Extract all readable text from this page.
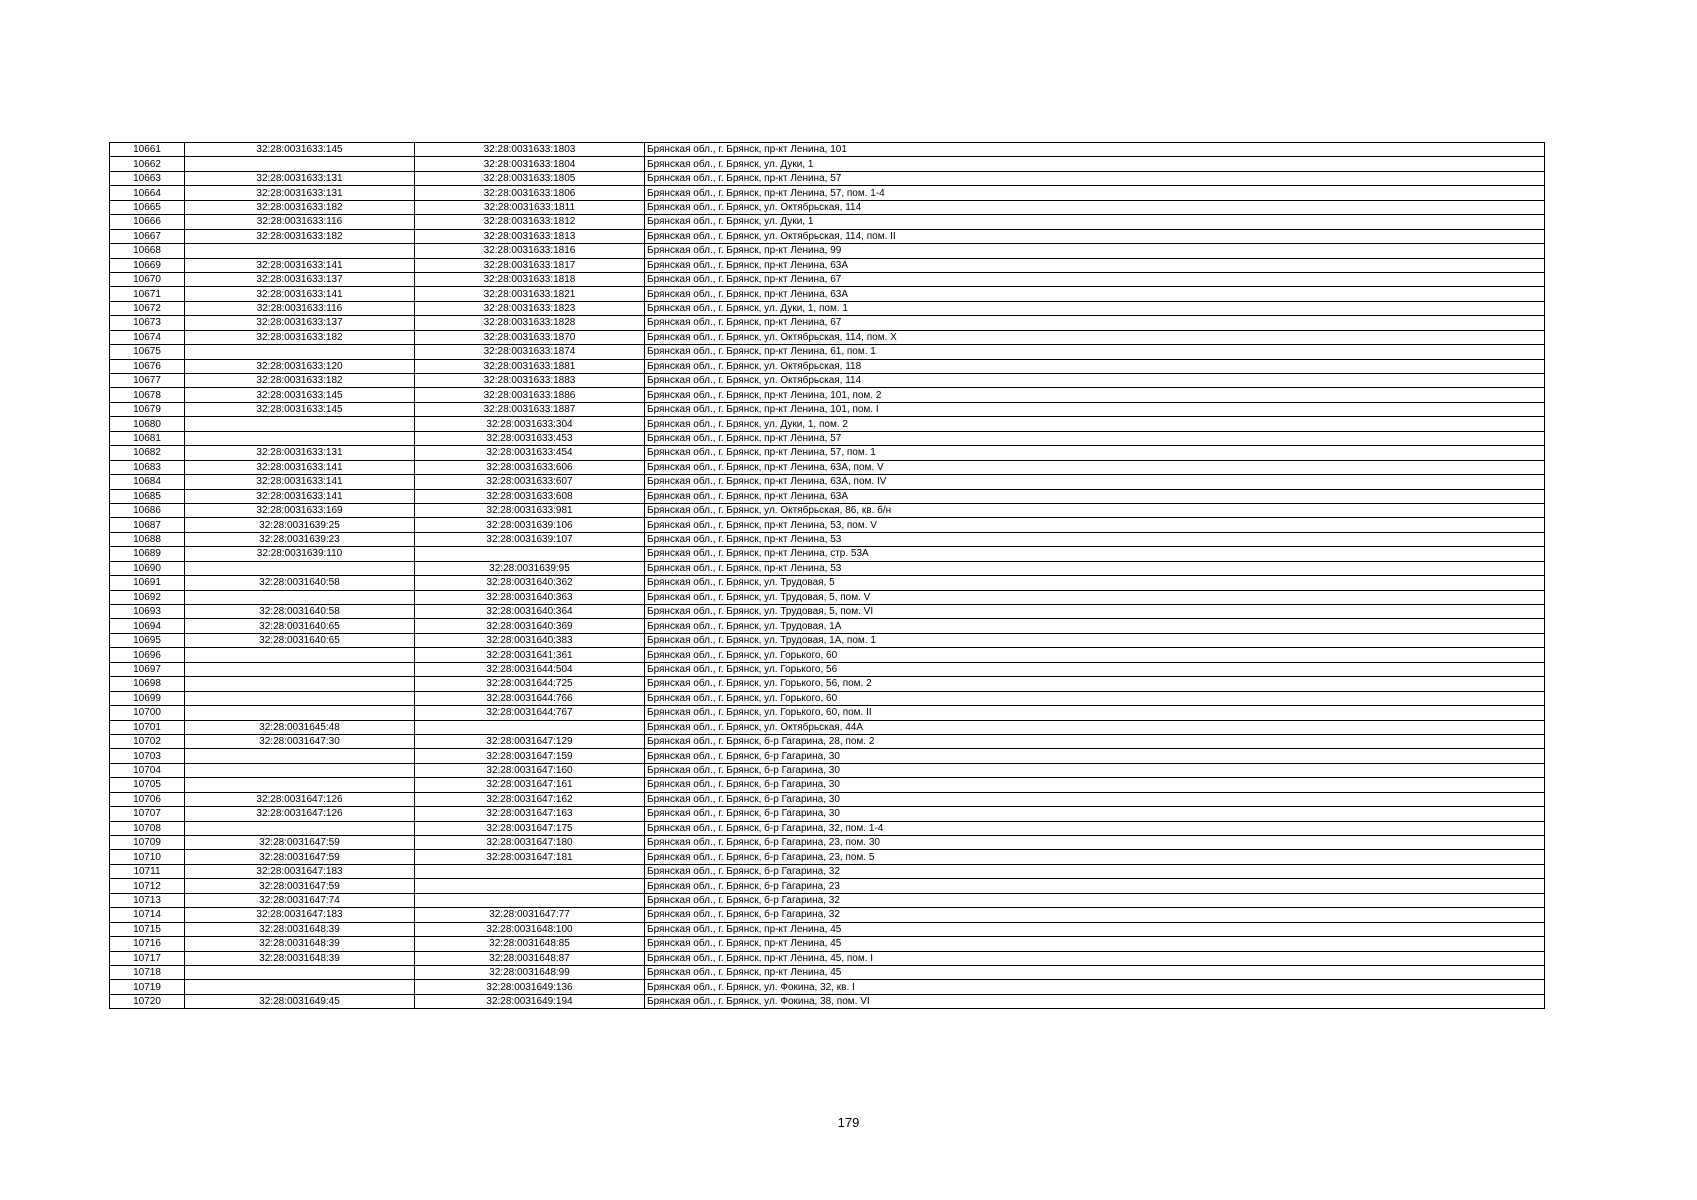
10661	32:28:0031633:145	32:28:0031633:1803	Брянская обл., г. Брянск, пр-кт Ленина, 101
10662		32:28:0031633:1804	Брянская обл., г. Брянск, ул. Дуки, 1
10663	32:28:0031633:131	32:28:0031633:1805	Брянская обл., г. Брянск, пр-кт Ленина, 57
10664	32:28:0031633:131	32:28:0031633:1806	Брянская обл., г. Брянск, пр-кт Ленина, 57, пом. 1-4
10665	32:28:0031633:182	32:28:0031633:1811	Брянская обл., г. Брянск, ул. Октябрьская, 114
10666	32:28:0031633:116	32:28:0031633:1812	Брянская обл., г. Брянск, ул. Дуки, 1
10667	32:28:0031633:182	32:28:0031633:1813	Брянская обл., г. Брянск, ул. Октябрьская, 114, пом. II
10668		32:28:0031633:1816	Брянская обл., г. Брянск, пр-кт Ленина, 99
10669	32:28:0031633:141	32:28:0031633:1817	Брянская обл., г. Брянск, пр-кт Ленина, 63А
10670	32:28:0031633:137	32:28:0031633:1818	Брянская обл., г. Брянск, пр-кт Ленина, 67
10671	32:28:0031633:141	32:28:0031633:1821	Брянская обл., г. Брянск, пр-кт Ленина, 63А
10672	32:28:0031633:116	32:28:0031633:1823	Брянская обл., г. Брянск, ул. Дуки, 1, пом. 1
10673	32:28:0031633:137	32:28:0031633:1828	Брянская обл., г. Брянск, пр-кт Ленина, 67
10674	32:28:0031633:182	32:28:0031633:1870	Брянская обл., г. Брянск, ул. Октябрьская, 114, пом. X
10675		32:28:0031633:1874	Брянская обл., г. Брянск, пр-кт Ленина, 61, пом. 1
10676	32:28:0031633:120	32:28:0031633:1881	Брянская обл., г. Брянск, ул. Октябрьская, 118
10677	32:28:0031633:182	32:28:0031633:1883	Брянская обл., г. Брянск, ул. Октябрьская, 114
10678	32:28:0031633:145	32:28:0031633:1886	Брянская обл., г. Брянск, пр-кт Ленина, 101, пом. 2
10679	32:28:0031633:145	32:28:0031633:1887	Брянская обл., г. Брянск, пр-кт Ленина, 101, пом. I
10680		32:28:0031633:304	Брянская обл., г. Брянск, ул. Дуки, 1, пом. 2
10681		32:28:0031633:453	Брянская обл., г. Брянск, пр-кт Ленина, 57
10682	32:28:0031633:131	32:28:0031633:454	Брянская обл., г. Брянск, пр-кт Ленина, 57, пом. 1
10683	32:28:0031633:141	32:28:0031633:606	Брянская обл., г. Брянск, пр-кт Ленина, 63А, пом. V
10684	32:28:0031633:141	32:28:0031633:607	Брянская обл., г. Брянск, пр-кт Ленина, 63А, пом. IV
10685	32:28:0031633:141	32:28:0031633:608	Брянская обл., г. Брянск, пр-кт Ленина, 63А
10686	32:28:0031633:169	32:28:0031633:981	Брянская обл., г. Брянск, ул. Октябрьская, 86, кв. б/н
10687	32:28:0031639:25	32:28:0031639:106	Брянская обл., г. Брянск, пр-кт Ленина, 53, пом. V
10688	32:28:0031639:23	32:28:0031639:107	Брянская обл., г. Брянск, пр-кт Ленина, 53
10689	32:28:0031639:110		Брянская обл., г. Брянск, пр-кт Ленина, стр. 53А
10690		32:28:0031639:95	Брянская обл., г. Брянск, пр-кт Ленина, 53
10691	32:28:0031640:58	32:28:0031640:362	Брянская обл., г. Брянск, ул. Трудовая, 5
10692		32:28:0031640:363	Брянская обл., г. Брянск, ул. Трудовая, 5, пом. V
10693	32:28:0031640:58	32:28:0031640:364	Брянская обл., г. Брянск, ул. Трудовая, 5, пом. VI
10694	32:28:0031640:65	32:28:0031640:369	Брянская обл., г. Брянск, ул. Трудовая, 1А
10695	32:28:0031640:65	32:28:0031640:383	Брянская обл., г. Брянск, ул. Трудовая, 1А, пом. 1
10696		32:28:0031641:361	Брянская обл., г. Брянск, ул. Горького, 60
10697		32:28:0031644:504	Брянская обл., г. Брянск, ул. Горького, 56
10698		32:28:0031644:725	Брянская обл., г. Брянск, ул. Горького, 56, пом. 2
10699		32:28:0031644:766	Брянская обл., г. Брянск, ул. Горького, 60
10700		32:28:0031644:767	Брянская обл., г. Брянск, ул. Горького, 60, пом. II
10701	32:28:0031645:48		Брянская обл., г. Брянск, ул. Октябрьская, 44А
10702	32:28:0031647:30	32:28:0031647:129	Брянская обл., г. Брянск, б-р Гагарина, 28, пом. 2
10703		32:28:0031647:159	Брянская обл., г. Брянск, б-р Гагарина, 30
10704		32:28:0031647:160	Брянская обл., г. Брянск, б-р Гагарина, 30
10705		32:28:0031647:161	Брянская обл., г. Брянск, б-р Гагарина, 30
10706	32:28:0031647:126	32:28:0031647:162	Брянская обл., г. Брянск, б-р Гагарина, 30
10707	32:28:0031647:126	32:28:0031647:163	Брянская обл., г. Брянск, б-р Гагарина, 30
10708		32:28:0031647:175	Брянская обл., г. Брянск, б-р Гагарина, 32, пом. 1-4
10709	32:28:0031647:59	32:28:0031647:180	Брянская обл., г. Брянск, б-р Гагарина, 23, пом. 30
10710	32:28:0031647:59	32:28:0031647:181	Брянская обл., г. Брянск, б-р Гагарина, 23, пом. 5
10711	32:28:0031647:183		Брянская обл., г. Брянск, б-р Гагарина, 32
10712	32:28:0031647:59		Брянская обл., г. Брянск, б-р Гагарина, 23
10713	32:28:0031647:74		Брянская обл., г. Брянск, б-р Гагарина, 32
10714	32:28:0031647:183	32:28:0031647:77	Брянская обл., г. Брянск, б-р Гагарина, 32
10715	32:28:0031648:39	32:28:0031648:100	Брянская обл., г. Брянск, пр-кт Ленина, 45
10716	32:28:0031648:39	32:28:0031648:85	Брянская обл., г. Брянск, пр-кт Ленина, 45
10717	32:28:0031648:39	32:28:0031648:87	Брянская обл., г. Брянск, пр-кт Ленина, 45, пом. I
10718		32:28:0031648:99	Брянская обл., г. Брянск, пр-кт Ленина, 45
10719		32:28:0031649:136	Брянская обл., г. Брянск, ул. Фокина, 32, кв. I
10720	32:28:0031649:45	32:28:0031649:194	Брянская обл., г. Брянск, ул. Фокина, 38, пом. VI
179
